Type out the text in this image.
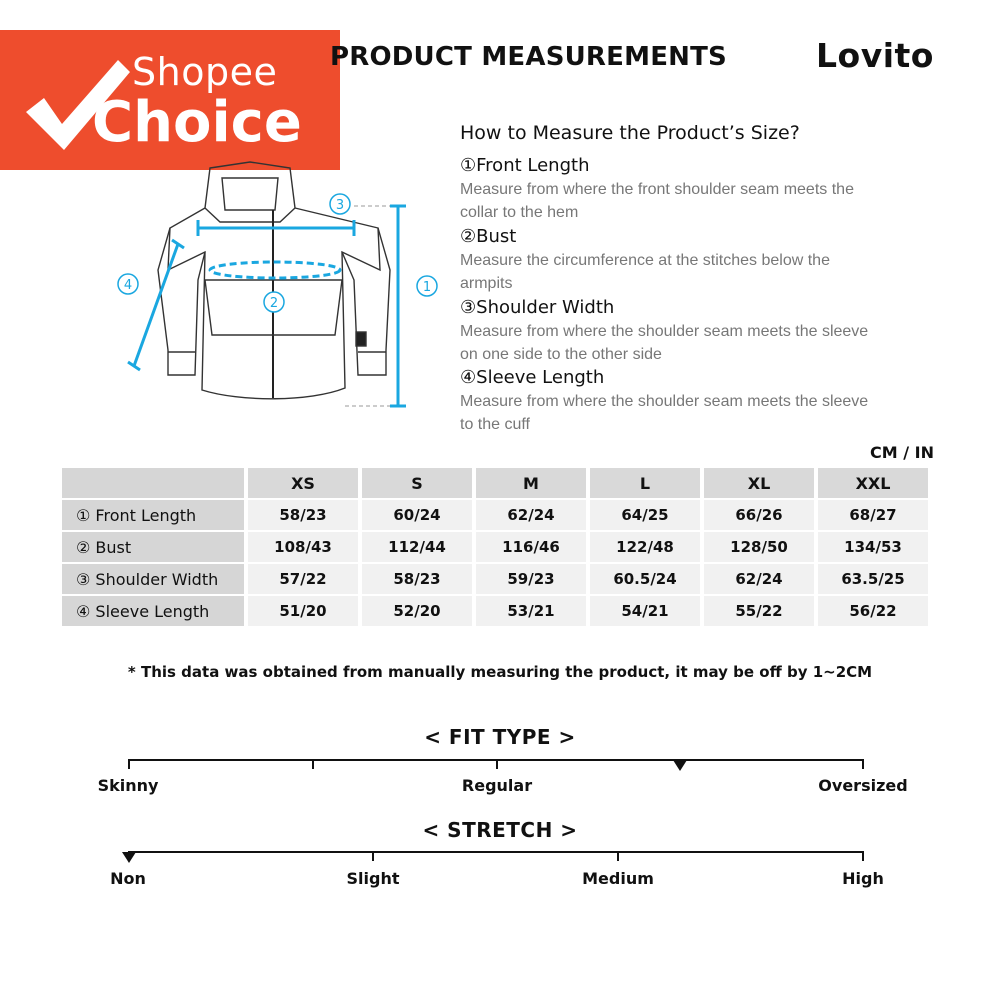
Shopee
Choice
PRODUCT MEASUREMENTS	Lovito
3
2
1
4
How to Measure the Product’s Size?
①Front Length
Measure from where the front shoulder seam meets the
collar to the hem
②Bust
Measure the circumference at the stitches below the
armpits
③Shoulder Width
Measure from where the shoulder seam meets the sleeve
on one side to the other side
④Sleeve Length
Measure from where the shoulder seam meets the sleeve
to the cuff
CM / IN
XS	S	M	L	XL	XXL
① Front Length	58/23	60/24	62/24	64/25	66/26	68/27
② Bust	108/43	112/44	116/46	122/48	128/50	134/53
③ Shoulder Width	57/22	58/23	59/23	60.5/24	62/24	63.5/25
④ Sleeve Length	51/20	52/20	53/21	54/21	55/22	56/22
* This data was obtained from manually measuring the product, it may be off by 1~2CM
< FIT TYPE >
Skinny	Regular	Oversized
< STRETCH >
Non	Slight	Medium	High
